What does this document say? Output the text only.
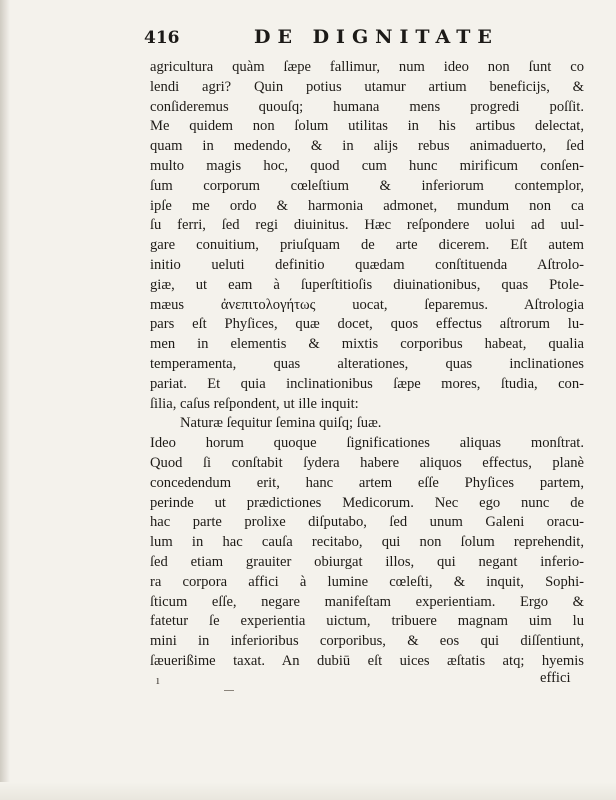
416	DE DIGNITATE
agricultura quàm ſæpe fallimur, num ideo non ſunt co
lendi agri? Quin potius utamur artium beneficijs, &
conſideremus quouſq; humana mens progredi poſſit.
Me quidem non ſolum utilitas in his artibus delectat,
quam in medendo, & in alijs rebus animaduerto, ſed
multo magis hoc, quod cum hunc mirificum conſen-
ſum corporum cœleſtium & inferiorum contemplor,
ipſe me ordo & harmonia admonet, mundum non ca
ſu ferri, ſed regi diuinitus. Hæc reſpondere uolui ad uul-
gare conuitium, priuſquam de arte dicerem. Eſt autem
initio ueluti definitio quædam conſtituenda Aſtrolo-
giæ, ut eam à ſuperſtitioſis diuinationibus, quas Ptole-
mæus ἀνεπιτολογήτως uocat, ſeparemus. Aſtrologia
pars eſt Phyſices, quæ docet, quos effectus aſtrorum lu-
men in elementis & mixtis corporibus habeat, qualia
temperamenta, quas alterationes, quas inclinationes
pariat. Et quia inclinationibus ſæpe mores, ſtudia, con-
ſilia, caſus reſpondent, ut ille inquit:
Naturæ ſequitur ſemina quiſq; ſuæ.
Ideo horum quoque ſignificationes aliquas monſtrat.
Quod ſi conſtabit ſydera habere aliquos effectus, planè
concedendum erit, hanc artem eſſe Phyſices partem,
perinde ut prædictiones Medicorum. Nec ego nunc de
hac parte prolixe diſputabo, ſed unum Galeni oracu-
lum in hac cauſa recitabo, qui non ſolum reprehendit,
ſed etiam grauiter obiurgat illos, qui negant inferio-
ra corpora affici à lumine cœleſti, & inquit, Sophi-
ſticum eſſe, negare manifeſtam experientiam. Ergo &
fatetur ſe experientia uictum, tribuere magnam uim lu
mini in inferioribus corporibus, & eos qui diſſentiunt,
ſæuerißime taxat. An dubiū eſt uices æſtatis atq; hyemis
ı	effici
